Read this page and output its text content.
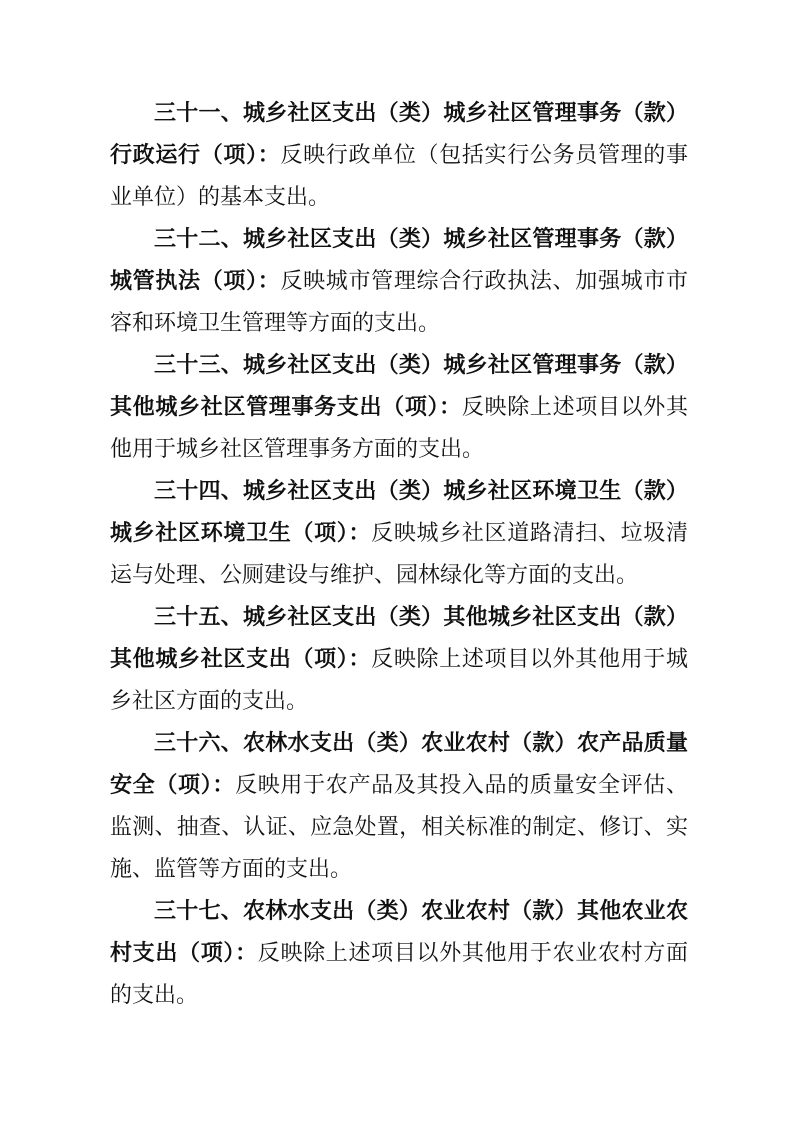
三十一、城乡社区支出（类）城乡社区管理事务（款）行政运行（项）：反映行政单位（包括实行公务员管理的事业单位）的基本支出。

三十二、城乡社区支出（类）城乡社区管理事务（款）城管执法（项）：反映城市管理综合行政执法、加强城市市容和环境卫生管理等方面的支出。

三十三、城乡社区支出（类）城乡社区管理事务（款）其他城乡社区管理事务支出（项）：反映除上述项目以外其他用于城乡社区管理事务方面的支出。

三十四、城乡社区支出（类）城乡社区环境卫生（款）城乡社区环境卫生（项）：反映城乡社区道路清扫、垃圾清运与处理、公厕建设与维护、园林绿化等方面的支出。

三十五、城乡社区支出（类）其他城乡社区支出（款）其他城乡社区支出（项）：反映除上述项目以外其他用于城乡社区方面的支出。

三十六、农林水支出（类）农业农村（款）农产品质量安全（项）：反映用于农产品及其投入品的质量安全评估、监测、抽查、认证、应急处置，相关标准的制定、修订、实施、监管等方面的支出。

三十七、农林水支出（类）农业农村（款）其他农业农村支出（项）：反映除上述项目以外其他用于农业农村方面的支出。
